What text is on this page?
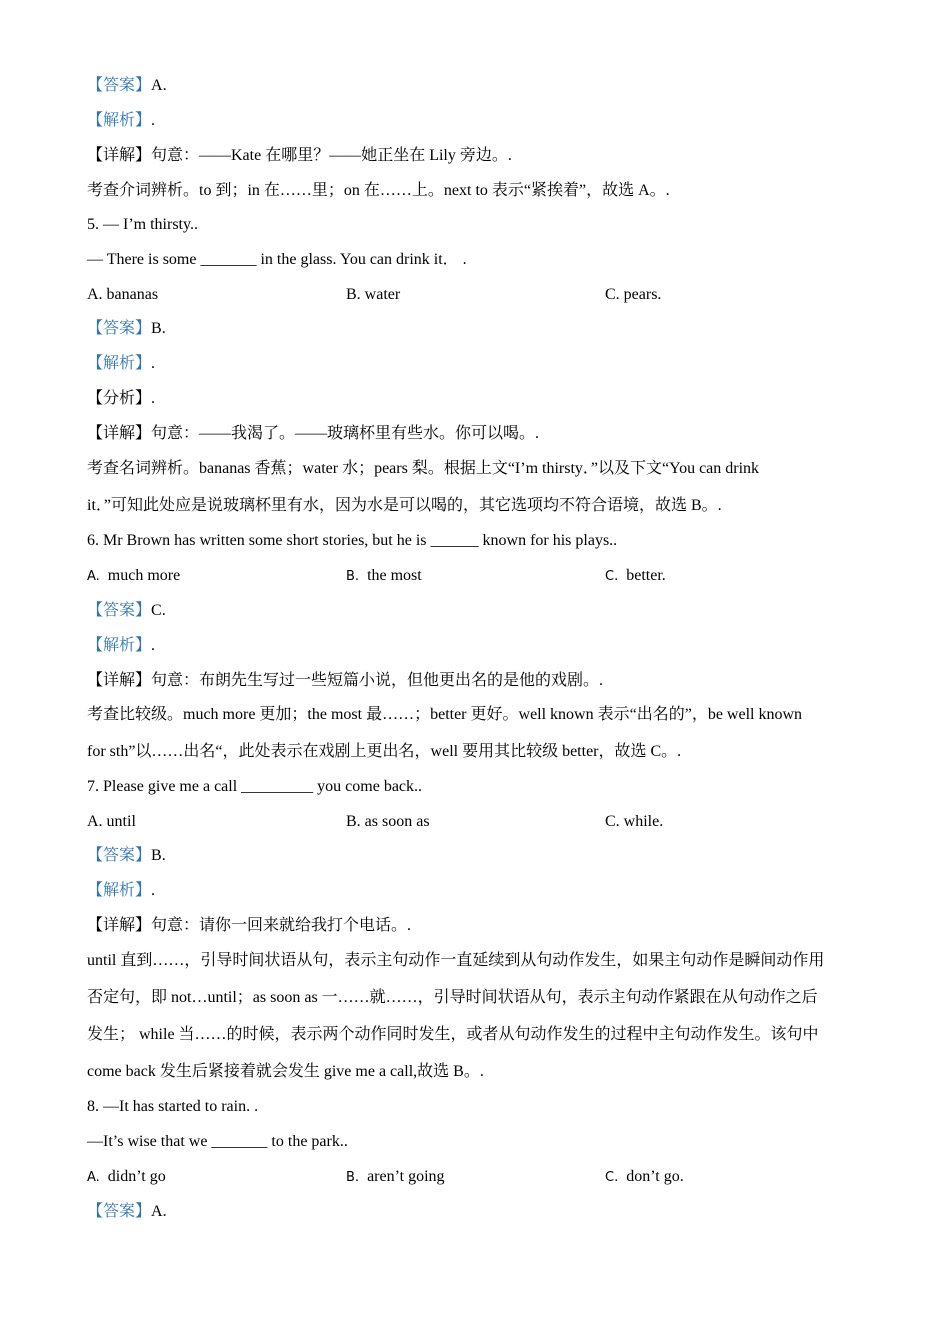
【答案】A.
【解析】.
【详解】句意：——Kate 在哪里？——她正坐在 Lily 旁边。.
考查介词辨析。to 到；in 在……里；on 在……上。next to 表示“紧挨着”，故选 A。.
5. — I’m thirsty..
— There is some _______ in the glass. You can drink it． .
A. bananas	B. water	C. pears.
【答案】B.
【解析】.
【分析】.
【详解】句意：——我渴了。——玻璃杯里有些水。你可以喝。.
考查名词辨析。bananas 香蕉；water 水；pears 梨。根据上文“I’m thirsty．”以及下文“You can drink
it．”可知此处应是说玻璃杯里有水，因为水是可以喝的，其它选项均不符合语境，故选 B。.
6. Mr Brown has written some short stories, but he is ______ known for his plays..
A. much more	B. the most	C. better.
【答案】C.
【解析】.
【详解】句意：布朗先生写过一些短篇小说，但他更出名的是他的戏剧。.
考查比较级。much more 更加；the most 最……；better 更好。well known 表示“出名的”，be well known
for sth”以……出名“，此处表示在戏剧上更出名，well 要用其比较级 better，故选 C。.
7. Please give me a call _________ you come back..
A. until	B. as soon as	C. while.
【答案】B.
【解析】.
【详解】句意：请你一回来就给我打个电话。.
until 直到……，引导时间状语从句，表示主句动作一直延续到从句动作发生，如果主句动作是瞬间动作用
否定句，即 not…until；as soon as 一……就……，引导时间状语从句，表示主句动作紧跟在从句动作之后
发生； while 当……的时候，表示两个动作同时发生，或者从句动作发生的过程中主句动作发生。该句中
come back 发生后紧接着就会发生 give me a call,故选 B。.
8. —It has started to rain. .
—It’s wise that we _______ to the park..
A. didn’t go	B. aren’t going	C. don’t go.
【答案】A.
